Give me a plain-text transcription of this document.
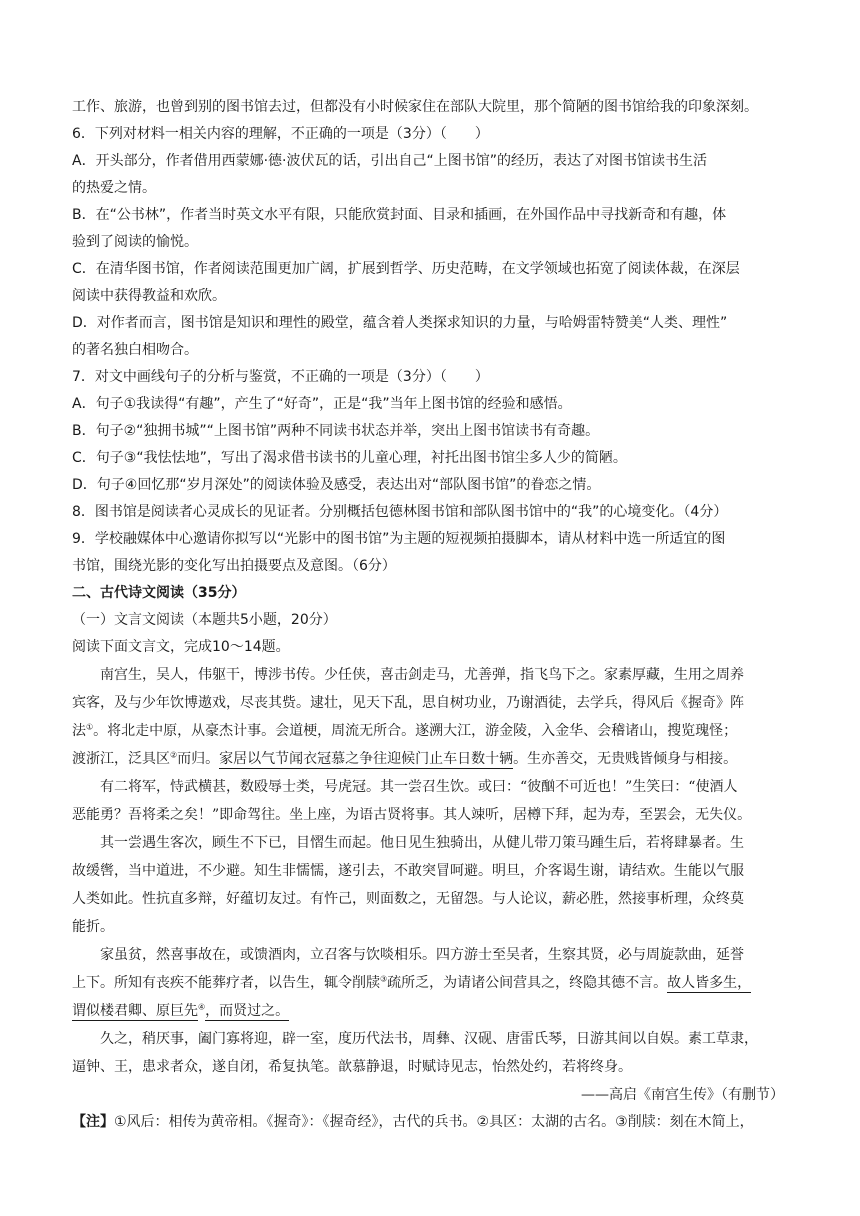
工作、旅游，也曾到别的图书馆去过，但都没有小时候家住在部队大院里，那个简陋的图书馆给我的印象深刻。
6．下列对材料一相关内容的理解，不正确的一项是（3分）（　　）
A．开头部分，作者借用西蒙娜·德·波伏瓦的话，引出自己“上图书馆”的经历，表达了对图书馆读书生活
的热爱之情。
B．在“公书林”，作者当时英文水平有限，只能欣赏封面、目录和插画，在外国作品中寻找新奇和有趣，体
验到了阅读的愉悦。
C．在清华图书馆，作者阅读范围更加广阔，扩展到哲学、历史范畴，在文学领域也拓宽了阅读体裁，在深层
阅读中获得教益和欢欣。
D．对作者而言，图书馆是知识和理性的殿堂，蕴含着人类探求知识的力量，与哈姆雷特赞美“人类、理性”
的著名独白相吻合。
7．对文中画线句子的分析与鉴赏，不正确的一项是（3分）（　　）
A．句子①我读得“有趣”，产生了“好奇”，正是“我”当年上图书馆的经验和感悟。
B．句子②“独拥书城”“上图书馆”两种不同读书状态并举，突出上图书馆读书有奇趣。
C．句子③“我怯怯地”，写出了渴求借书读书的儿童心理，衬托出图书馆尘多人少的简陋。
D．句子④回忆那“岁月深处”的阅读体验及感受，表达出对“部队图书馆”的眷恋之情。
8．图书馆是阅读者心灵成长的见证者。分别概括包德林图书馆和部队图书馆中的“我”的心境变化。（4分）
9．学校融媒体中心邀请你拟写以“光影中的图书馆”为主题的短视频拍摄脚本，请从材料中选一所适宜的图
书馆，围绕光影的变化写出拍摄要点及意图。（6分）
二、古代诗文阅读（35分）
（一）文言文阅读（本题共5小题，20分）
阅读下面文言文，完成10～14题。
南宫生，吴人，伟躯干，博涉书传。少任侠，喜击剑走马，尤善弹，指飞鸟下之。家素厚藏，生用之周养
宾客，及与少年饮博遨戏，尽丧其赀。逮壮，见天下乱，思自树功业，乃谢酒徒，去学兵，得风后《握奇》阵
法①。将北走中原，从豪杰计事。会道梗，周流无所合。遂溯大江，游金陵，入金华、会稽诸山，搜览瑰怪；
渡浙江，泛具区②而归。家居以气节闻衣冠慕之争往迎候门止车日数十辆。生亦善交，无贵贱皆倾身与相接。
有二将军，恃武横甚，数殴辱士类，号虎冠。其一尝召生饮。或曰：“彼酗不可近也！”生笑曰：“使酒人
恶能勇？吾将柔之矣！”即命驾往。坐上座，为语古贤将事。其人竦听，居樽下拜，起为寿，至罢会，无失仪。
其一尝遇生客次，顾生不下已，目慴生而起。他日见生独骑出，从健儿带刀策马踵生后，若将肆暴者。生
故缓辔，当中道进，不少避。知生非懦懦，遂引去，不敢突冒呵避。明旦，介客谒生谢，请结欢。生能以气服
人类如此。性抗直多辩，好蕴切友过。有忤己，则面数之，无留怨。与人论议，薪必胜，然接事析理，众终莫
能折。
家虽贫，然喜事故在，或馈酒肉，立召客与饮啖相乐。四方游士至吴者，生察其贤，必与周旋款曲，延誉
上下。所知有丧疾不能葬疗者，以告生，辄令削牍③疏所乏，为请诸公间营具之，终隐其德不言。故人皆多生，
谓似楼君卿、原巨先④，而贤过之。
久之，稍厌事，阖门寡将迎，辟一室，度历代法书，周彝、汉砚、唐雷氏琴，日游其间以自娱。素工草隶，
逼钟、王，患求者众，遂自闭，希复执笔。歆慕静退，时赋诗见志，怡然处约，若将终身。
——高启《南宫生传》（有删节）
【注】①风后：相传为黄帝相。《握奇》：《握奇经》，古代的兵书。②具区：太湖的古名。③削牍：刻在木简上，
